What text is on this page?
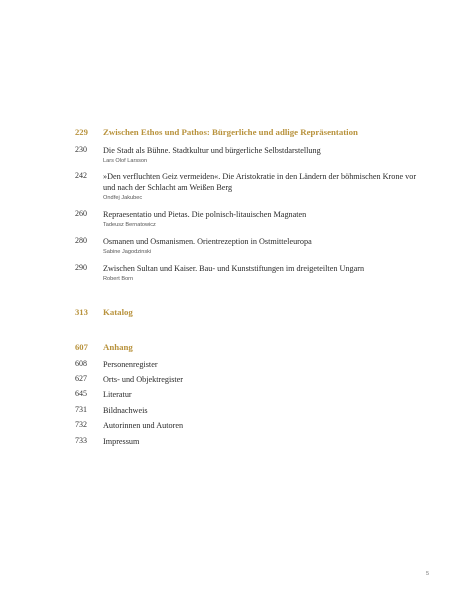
229 Zwischen Ethos und Pathos: Bürgerliche und adlige Repräsentation
230 Die Stadt als Bühne. Stadtkultur und bürgerliche Selbstdarstellung
Lars Olof Larsson
242 »Den verfluchten Geiz vermeiden«. Die Aristokratie in den Ländern der böhmischen Krone vor
und nach der Schlacht am Weißen Berg
Ondřej Jakubec
260 Repraesentatio und Pietas. Die polnisch-litauischen Magnaten
Tadeusz Bernatowicz
280 Osmanen und Osmanismen. Orientrezeption in Ostmitteleuropa
Sabine Jagodzinski
290 Zwischen Sultan und Kaiser. Bau- und Kunststiftungen im dreigeteilten Ungarn
Robert Born
313 Katalog
607 Anhang
608 Personenregister
627 Orts- und Objektregister
645 Literatur
731 Bildnachweis
732 Autorinnen und Autoren
733 Impressum
5
